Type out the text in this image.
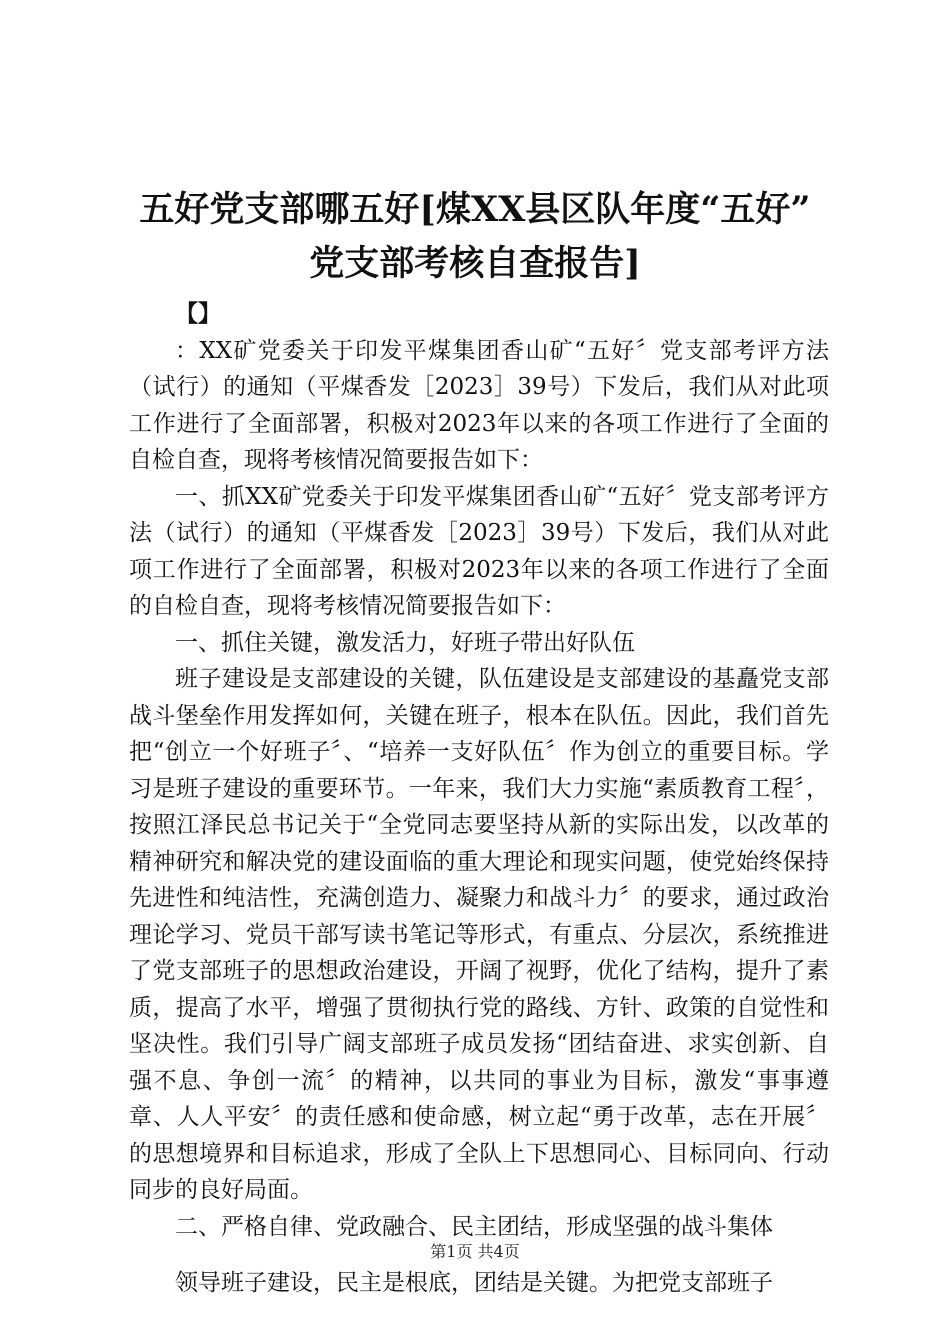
五好党支部哪五好[煤XX县区队年度“五好”
党支部考核自查报告]

【】

：XX矿党委关于印发平煤集团香山矿“五好〞党支部考评方法（试行）的通知（平煤香发［2023］39号）下发后，我们从对此项工作进行了全面部署，积极对2023年以来的各项工作进行了全面的自检自查，现将考核情况简要报告如下：

一、抓XX矿党委关于印发平煤集团香山矿“五好〞党支部考评方法（试行）的通知（平煤香发［2023］39号）下发后，我们从对此项工作进行了全面部署，积极对2023年以来的各项工作进行了全面的自检自查，现将考核情况简要报告如下：

一、抓住关键，激发活力，好班子带出好队伍

班子建设是支部建设的关键，队伍建设是支部建设的基矗党支部战斗堡垒作用发挥如何，关键在班子，根本在队伍。因此，我们首先把“创立一个好班子〞、“培养一支好队伍〞作为创立的重要目标。学习是班子建设的重要环节。一年来，我们大力实施“素质教育工程〞，按照江泽民总书记关于“全党同志要坚持从新的实际出发，以改革的精神研究和解决党的建设面临的重大理论和现实问题，使党始终保持先进性和纯洁性，充满创造力、凝聚力和战斗力〞的要求，通过政治理论学习、党员干部写读书笔记等形式，有重点、分层次，系统推进了党支部班子的思想政治建设，开阔了视野，优化了结构，提升了素质，提高了水平，增强了贯彻执行党的路线、方针、政策的自觉性和坚决性。我们引导广阔支部班子成员发扬“团结奋进、求实创新、自强不息、争创一流〞的精神，以共同的事业为目标，激发“事事遵章、人人平安〞的责任感和使命感，树立起“勇于改革，志在开展〞的思想境界和目标追求，形成了全队上下思想同心、目标同向、行动同步的良好局面。

二、严格自律、党政融合、民主团结，形成坚强的战斗集体

领导班子建设，民主是根底，团结是关键。为把党支部班子

第1页 共4页
